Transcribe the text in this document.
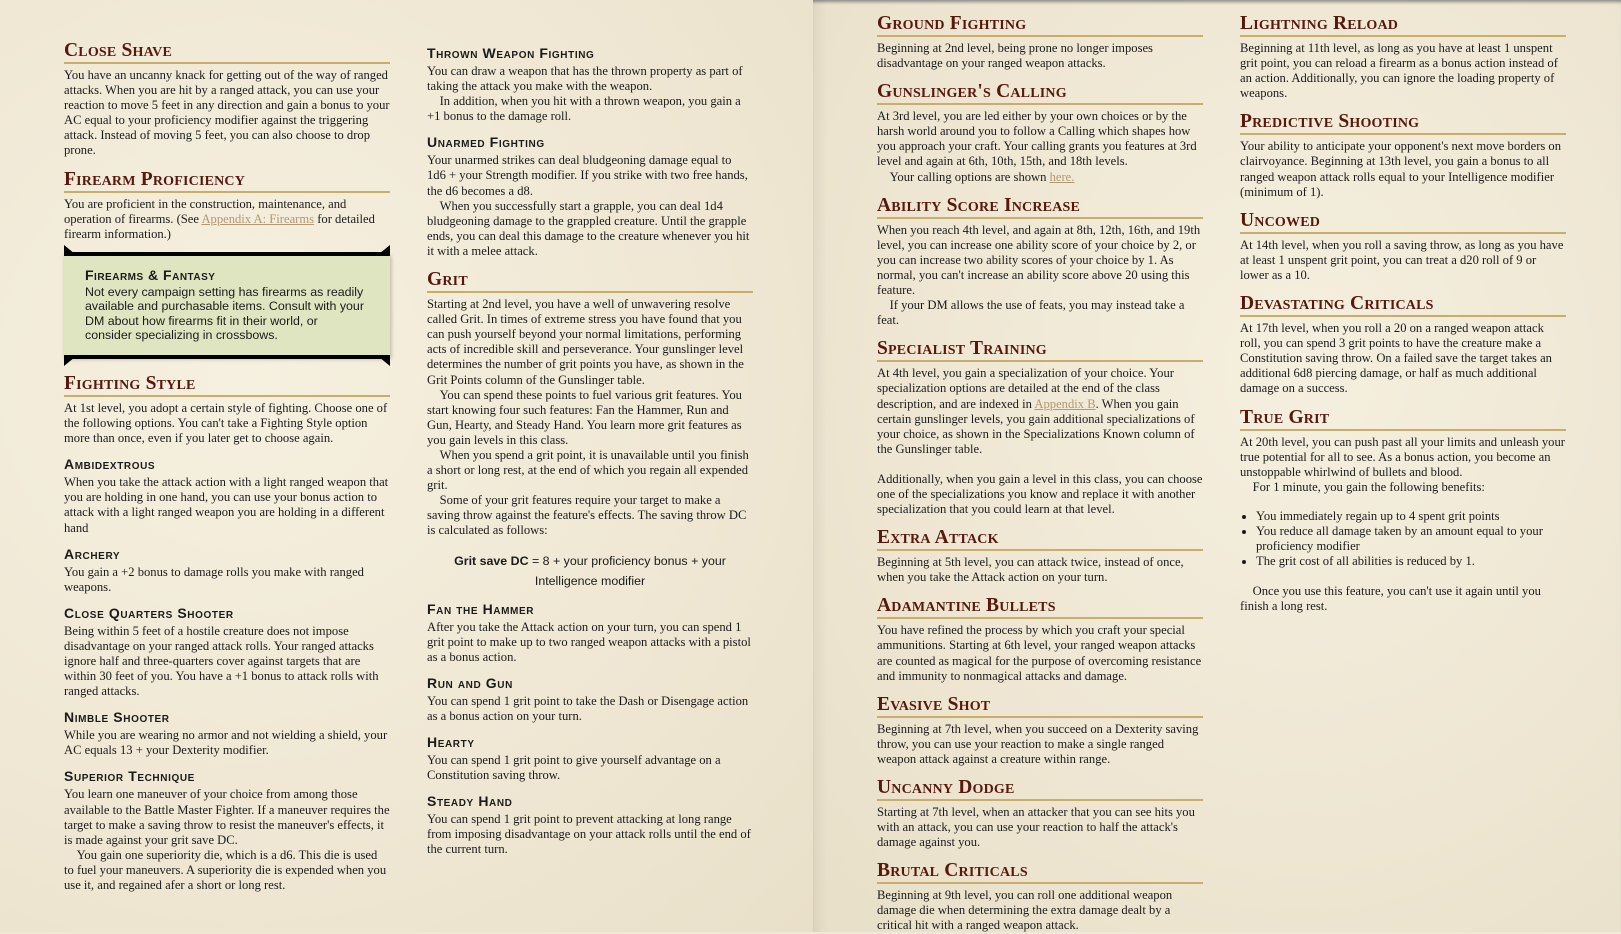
Close Shave

You have an uncanny knack for getting out of the way of ranged attacks. When you are hit by a ranged attack, you can use your reaction to move 5 feet in any direction and gain a bonus to your AC equal to your proficiency modifier against the triggering attack. Instead of moving 5 feet, you can also choose to drop prone.

Firearm Proficiency

You are proficient in the construction, maintenance, and operation of firearms. (See Appendix A: Firearms for detailed firearm information.)

Firearms & Fantasy

Not every campaign setting has firearms as readily available and purchasable items. Consult with your DM about how firearms fit in their world, or consider specializing in crossbows.

Fighting Style

At 1st level, you adopt a certain style of fighting. Choose one of the following options. You can't take a Fighting Style option more than once, even if you later get to choose again.

Ambidextrous

When you take the attack action with a light ranged weapon that you are holding in one hand, you can use your bonus action to attack with a light ranged weapon you are holding in a different hand

Archery

You gain a +2 bonus to damage rolls you make with ranged weapons.

Close Quarters Shooter

Being within 5 feet of a hostile creature does not impose disadvantage on your ranged attack rolls. Your ranged attacks ignore half and three-quarters cover against targets that are within 30 feet of you. You have a +1 bonus to attack rolls with ranged attacks.

Nimble Shooter

While you are wearing no armor and not wielding a shield, your AC equals 13 + your Dexterity modifier.

Superior Technique

You learn one maneuver of your choice from among those available to the Battle Master Fighter. If a maneuver requires the target to make a saving throw to resist the maneuver's effects, it is made against your grit save DC.

You gain one superiority die, which is a d6. This die is used to fuel your maneuvers. A superiority die is expended when you use it, and regained afer a short or long rest.

Thrown Weapon Fighting

You can draw a weapon that has the thrown property as part of taking the attack you make with the weapon.

In addition, when you hit with a thrown weapon, you gain a +1 bonus to the damage roll.

Unarmed Fighting

Your unarmed strikes can deal bludgeoning damage equal to 1d6 + your Strength modifier. If you strike with two free hands, the d6 becomes a d8.

When you successfully start a grapple, you can deal 1d4 bludgeoning damage to the grappled creature. Until the grapple ends, you can deal this damage to the creature whenever you hit it with a melee attack.

Grit

Starting at 2nd level, you have a well of unwavering resolve called Grit. In times of extreme stress you have found that you can push yourself beyond your normal limitations, performing acts of incredible skill and perseverance. Your gunslinger level determines the number of grit points you have, as shown in the Grit Points column of the Gunslinger table.

You can spend these points to fuel various grit features. You start knowing four such features: Fan the Hammer, Run and Gun, Hearty, and Steady Hand. You learn more grit features as you gain levels in this class.

When you spend a grit point, it is unavailable until you finish a short or long rest, at the end of which you regain all expended grit.

Some of your grit features require your target to make a saving throw against the feature's effects. The saving throw DC is calculated as follows:

Grit save DC = 8 + your proficiency bonus + your Intelligence modifier
Fan the Hammer

After you take the Attack action on your turn, you can spend 1 grit point to make up to two ranged weapon attacks with a pistol as a bonus action.

Run and Gun

You can spend 1 grit point to take the Dash or Disengage action as a bonus action on your turn.

Hearty

You can spend 1 grit point to give yourself advantage on a Constitution saving throw.

Steady Hand

You can spend 1 grit point to prevent attacking at long range from imposing disadvantage on your attack rolls until the end of the current turn.

Ground Fighting

Beginning at 2nd level, being prone no longer imposes disadvantage on your ranged weapon attacks.

Gunslinger's Calling

At 3rd level, you are led either by your own choices or by the harsh world around you to follow a Calling which shapes how you approach your craft. Your calling grants you features at 3rd level and again at 6th, 10th, 15th, and 18th levels.

Your calling options are shown here.

Ability Score Increase

When you reach 4th level, and again at 8th, 12th, 16th, and 19th level, you can increase one ability score of your choice by 2, or you can increase two ability scores of your choice by 1. As normal, you can't increase an ability score above 20 using this feature.

If your DM allows the use of feats, you may instead take a feat.

Specialist Training

At 4th level, you gain a specialization of your choice. Your specialization options are detailed at the end of the class description, and are indexed in Appendix B. When you gain certain gunslinger levels, you gain additional specializations of your choice, as shown in the Specializations Known column of the Gunslinger table.

Additionally, when you gain a level in this class, you can choose one of the specializations you know and replace it with another specialization that you could learn at that level.

Extra Attack

Beginning at 5th level, you can attack twice, instead of once, when you take the Attack action on your turn.

Adamantine Bullets

You have refined the process by which you craft your special ammunitions. Starting at 6th level, your ranged weapon attacks are counted as magical for the purpose of overcoming resistance and immunity to nonmagical attacks and damage.

Evasive Shot

Beginning at 7th level, when you succeed on a Dexterity saving throw, you can use your reaction to make a single ranged weapon attack against a creature within range.

Uncanny Dodge

Starting at 7th level, when an attacker that you can see hits you with an attack, you can use your reaction to half the attack's damage against you.

Brutal Criticals

Beginning at 9th level, you can roll one additional weapon damage die when determining the extra damage dealt by a critical hit with a ranged weapon attack.

Lightning Reload

Beginning at 11th level, as long as you have at least 1 unspent grit point, you can reload a firearm as a bonus action instead of an action. Additionally, you can ignore the loading property of weapons.

Predictive Shooting

Your ability to anticipate your opponent's next move borders on clairvoyance. Beginning at 13th level, you gain a bonus to all ranged weapon attack rolls equal to your Intelligence modifier (minimum of 1).

Uncowed

At 14th level, when you roll a saving throw, as long as you have at least 1 unspent grit point, you can treat a d20 roll of 9 or lower as a 10.

Devastating Criticals

At 17th level, when you roll a 20 on a ranged weapon attack roll, you can spend 3 grit points to have the creature make a Constitution saving throw. On a failed save the target takes an additional 6d8 piercing damage, or half as much additional damage on a success.

True Grit

At 20th level, you can push past all your limits and unleash your true potential for all to see. As a bonus action, you become an unstoppable whirlwind of bullets and blood.

For 1 minute, you gain the following benefits:

• You immediately regain up to 4 spent grit points
• You reduce all damage taken by an amount equal to your proficiency modifier
• The grit cost of all abilities is reduced by 1.

Once you use this feature, you can't use it again until you finish a long rest.
